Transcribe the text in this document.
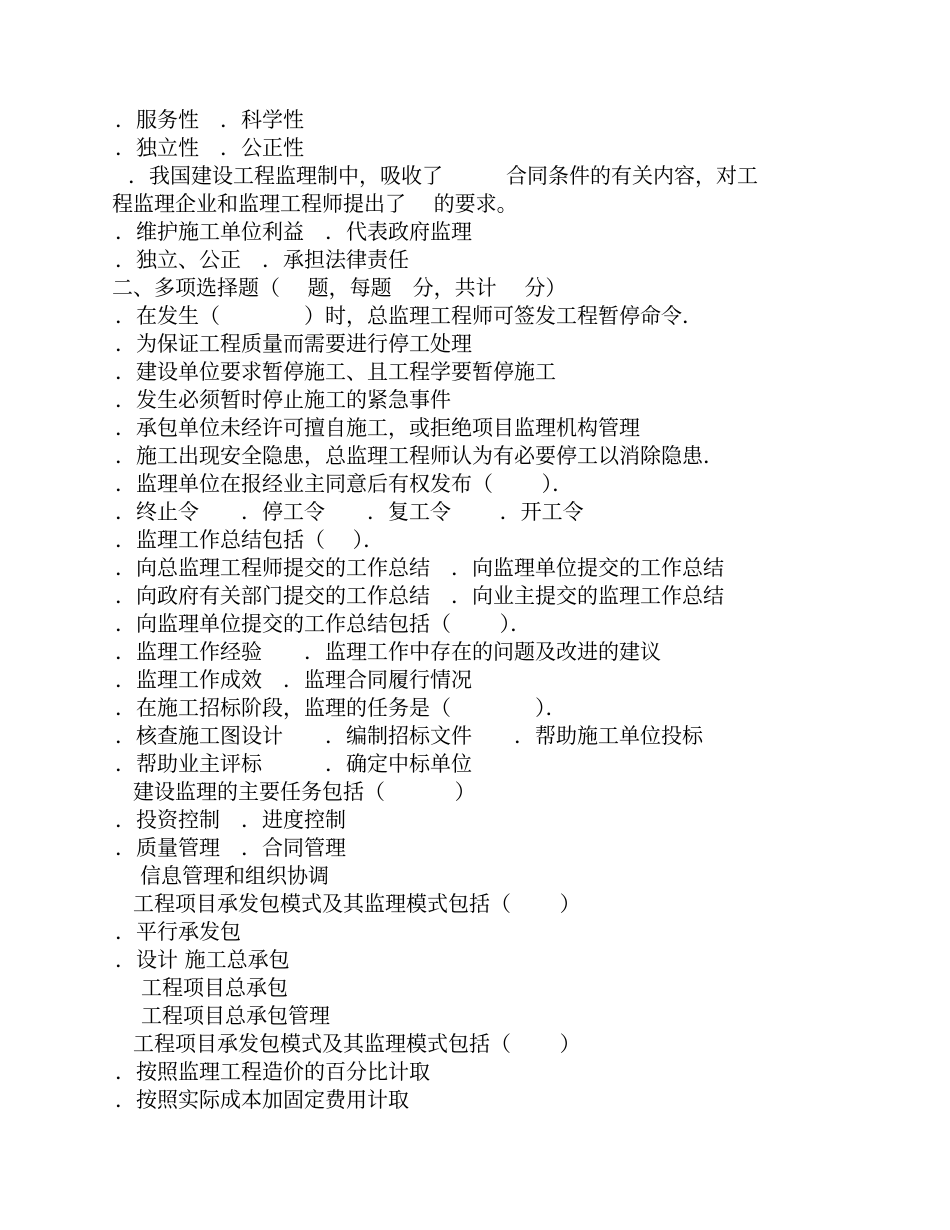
．服务性　．科学性
．独立性　．公正性
．我国建设工程监理制中，吸收了　　　合同条件的有关内容，对工
程监理企业和监理工程师提出了　 的要求。
．维护施工单位利益　．代表政府监理
．独立、公正　．承担法律责任
二、多项选择题（　 题，每题　分，共计　 分）
．在发生（　　　　）时，总监理工程师可签发工程暂停命令．
．为保证工程质量而需要进行停工处理
．建设单位要求暂停施工、且工程学要暂停施工
．发生必须暂时停止施工的紧急事件
．承包单位未经许可擅自施工，或拒绝项目监理机构管理
．施工出现安全隐患，总监理工程师认为有必要停工以消除隐患．
．监理单位在报经业主同意后有权发布（　　 ）．
．终止令　　．停工令　　．复工令　　 ．开工令
．监理工作总结包括（　 ）．
．向总监理工程师提交的工作总结　．向监理单位提交的工作总结
．向政府有关部门提交的工作总结　．向业主提交的监理工作总结
．向监理单位提交的工作总结包括（　　 ）．
．监理工作经验　　．监理工作中存在的问题及改进的建议
．监理工作成效　．监理合同履行情况
．在施工招标阶段，监理的任务是（　　　　）．
．核查施工图设计　　．编制招标文件　　．帮助施工单位投标
．帮助业主评标　　　．确定中标单位
建设监理的主要任务包括（　　　 ）
．投资控制　．进度控制
．质量管理　．合同管理
信息管理和组织协调
工程项目承发包模式及其监理模式包括（　　 ）
．平行承发包
．设计 施工总承包
工程项目总承包
工程项目总承包管理
工程项目承发包模式及其监理模式包括（　　 ）
．按照监理工程造价的百分比计取
．按照实际成本加固定费用计取
